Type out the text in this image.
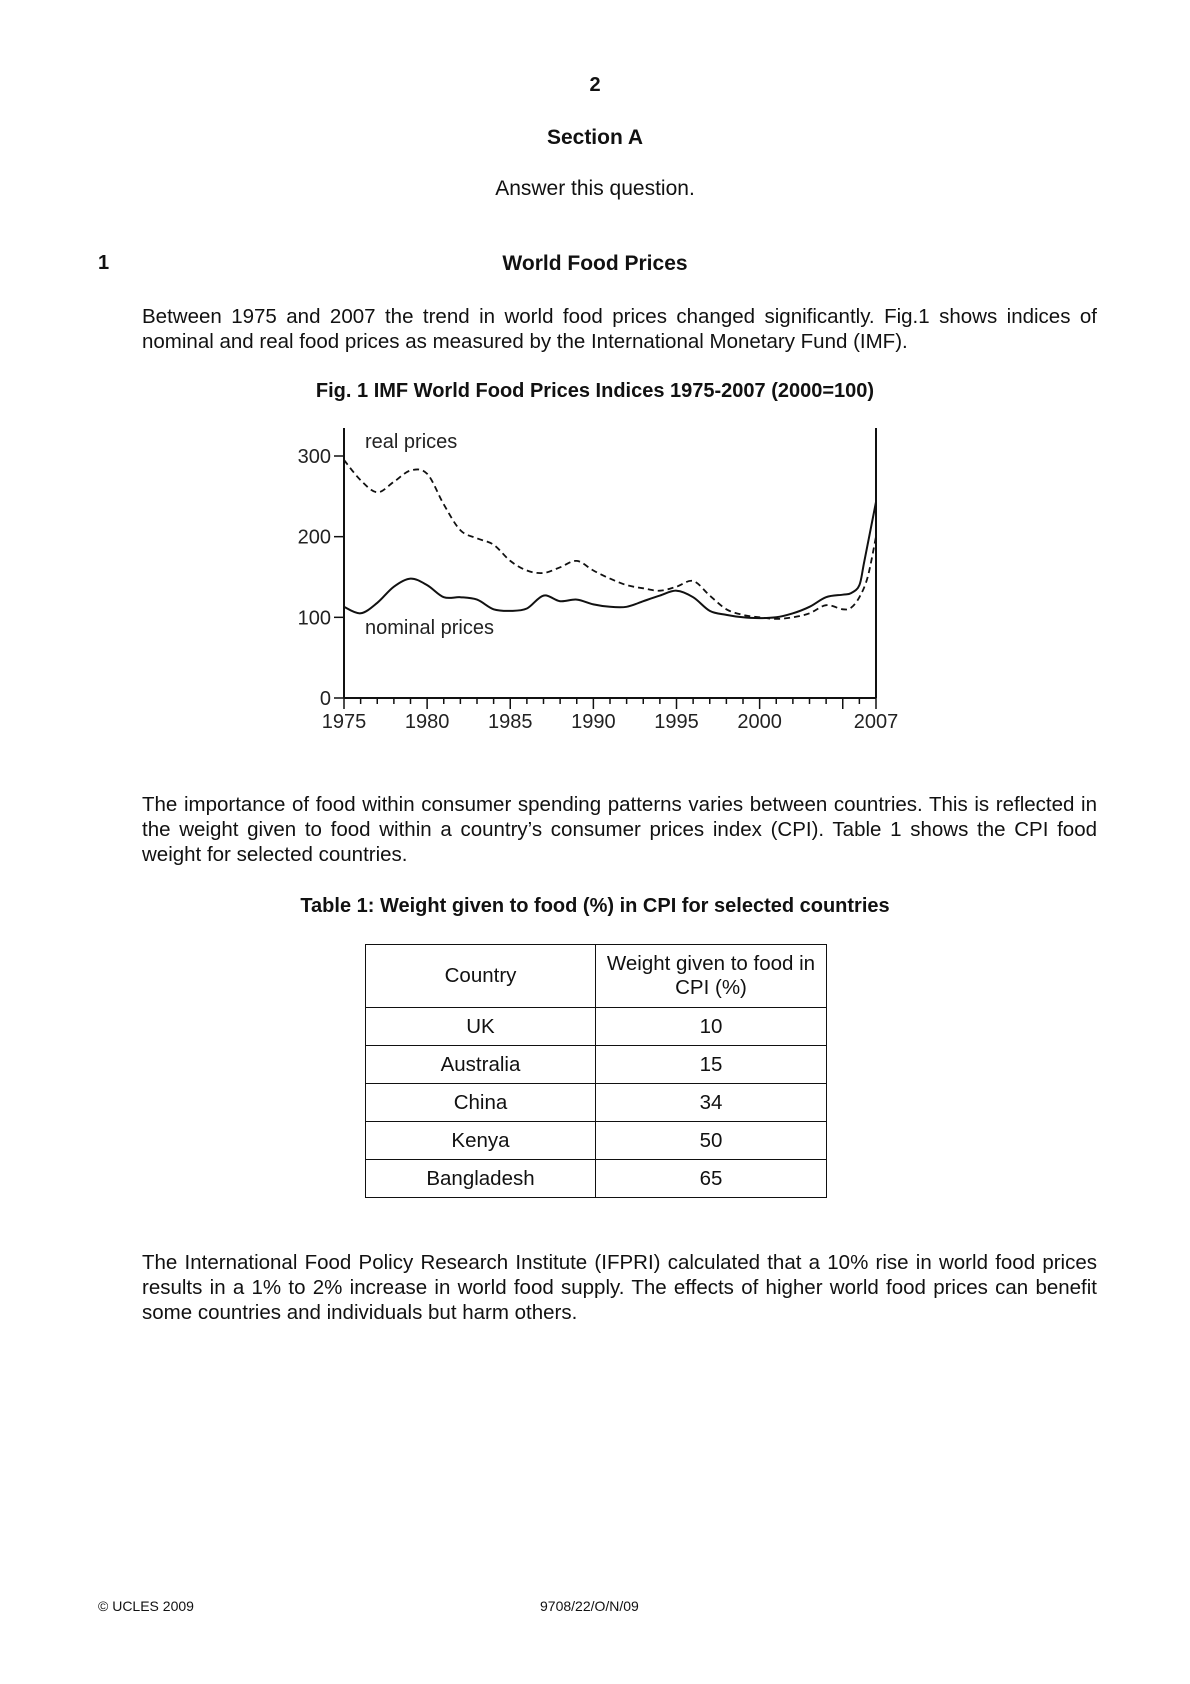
2
Section A
Answer this question.
1	World Food Prices
Between 1975 and 2007 the trend in world food prices changed significantly. Fig.1 shows indices of nominal and real food prices as measured by the International Monetary Fund (IMF).
Fig. 1 IMF World Food Prices Indices 1975-2007 (2000=100)
1975 1980 1985 1990 1995 2000	2007
0
100
200
300
real prices
nominal prices
The importance of food within consumer spending patterns varies between countries. This is reflected in the weight given to food within a country’s consumer prices index (CPI). Table 1 shows the CPI food weight for selected countries.
Table 1: Weight given to food (%) in CPI for selected countries
Country	Weight given to food in CPI (%)
UK	10
Australia	15
China	34
Kenya	50
Bangladesh	65
The International Food Policy Research Institute (IFPRI) calculated that a 10% rise in world food prices results in a 1% to 2% increase in world food supply. The effects of higher world food prices can benefit some countries and individuals but harm others.
© UCLES 2009	9708/22/O/N/09
